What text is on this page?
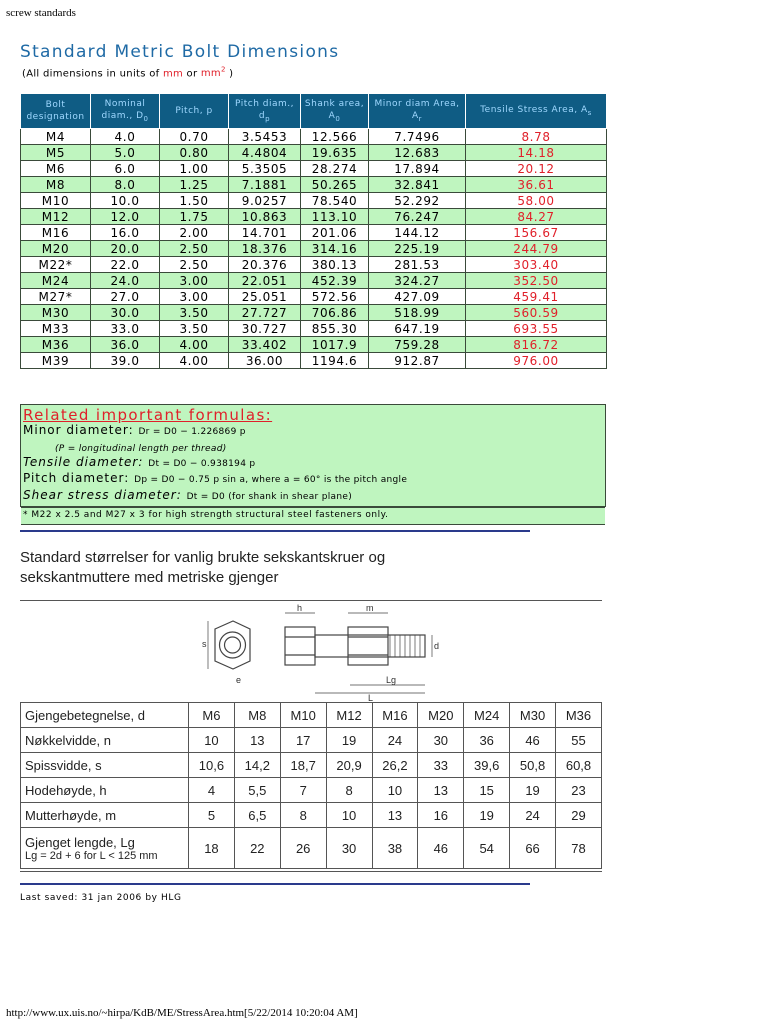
screw standards
Standard Metric Bolt Dimensions
(All dimensions in units of mm or $mm^2$ )
Bolt designation	Nominal diam., $D_0$	Pitch, p	Pitch diam., $d_p$	Shank area, $A_0$	Minor diam Area, $A_r$	Tensile Stress Area, $A_s$
M4	4.0	0.70	3.5453	12.566	7.7496	8.78
M5	5.0	0.80	4.4804	19.635	12.683	14.18
M6	6.0	1.00	5.3505	28.274	17.894	20.12
M8	8.0	1.25	7.1881	50.265	32.841	36.61
M10	10.0	1.50	9.0257	78.540	52.292	58.00
M12	12.0	1.75	10.863	113.10	76.247	84.27
M16	16.0	2.00	14.701	201.06	144.12	156.67
M20	20.0	2.50	18.376	314.16	225.19	244.79
M22*	22.0	2.50	20.376	380.13	281.53	303.40
M24	24.0	3.00	22.051	452.39	324.27	352.50
M27*	27.0	3.00	25.051	572.56	427.09	459.41
M30	30.0	3.50	27.727	706.86	518.99	560.59
M33	33.0	3.50	30.727	855.30	647.19	693.55
M36	36.0	4.00	33.402	1017.9	759.28	816.72
M39	39.0	4.00	36.00	1194.6	912.87	976.00
Related important formulas:
Minor diameter: Dr = D0 − 1.226869 p
(P = longitudinal length per thread)
Tensile diameter: Dt = D0 − 0.938194 p
Pitch diameter: Dp = D0 − 0.75 p sin a, where a = 60° is the pitch angle
Shear stress diameter: Dt = D0 (for shank in shear plane)
* M22 x 2.5 and M27 x 3 for high strength structural steel fasteners only.
Standard størrelser for vanlig brukte sekskantskruer og
sekskantmuttere med metriske gjenger
h	m
s
e
d
L
Lg
Gjengebetegnelse, d	M6	M8	M10	M12	M16	M20	M24	M30	M36
Nøkkelvidde, n	10	13	17	19	24	30	36	46	55
Spissvidde, s	10,6	14,2	18,7	20,9	26,2	33	39,6	50,8	60,8
Hodehøyde, h	4	5,5	7	8	10	13	15	19	23
Mutterhøyde, m	5	6,5	8	10	13	16	19	24	29
Gjenget lengde, Lg
Lg = 2d + 6 for L < 125 mm	18	22	26	30	38	46	54	66	78
Last saved: 31 jan 2006 by HLG
http://www.ux.uis.no/~hirpa/KdB/ME/StressArea.htm[5/22/2014 10:20:04 AM]
